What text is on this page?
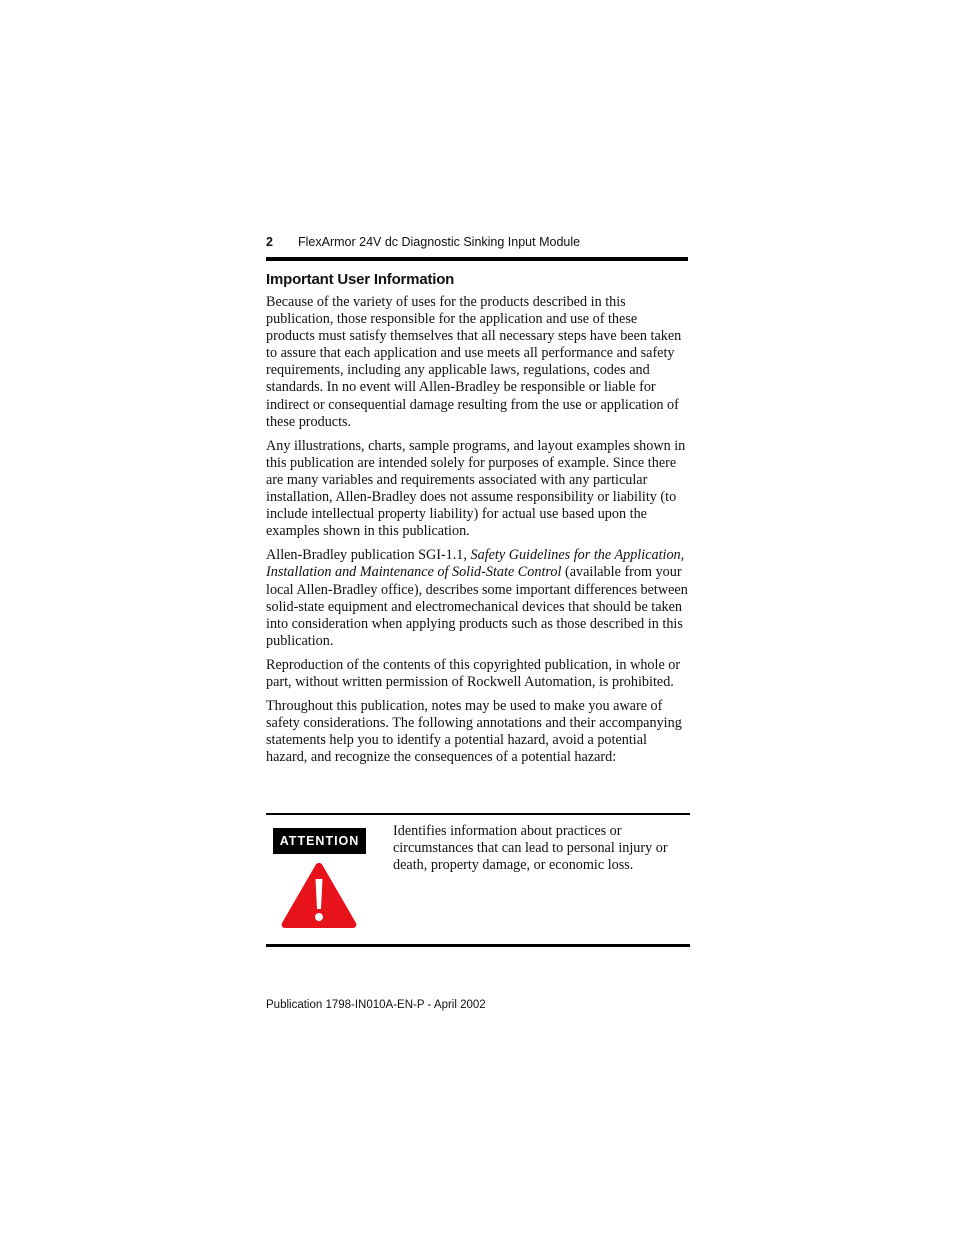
2 FlexArmor 24V dc Diagnostic Sinking Input Module
Important User Information

Because of the variety of uses for the products described in this publication, those responsible for the application and use of these products must satisfy themselves that all necessary steps have been taken to assure that each application and use meets all performance and safety requirements, including any applicable laws, regulations, codes and standards. In no event will Allen-Bradley be responsible or liable for indirect or consequential damage resulting from the use or application of these products.

Any illustrations, charts, sample programs, and layout examples shown in this publication are intended solely for purposes of example. Since there are many variables and requirements associated with any particular installation, Allen-Bradley does not assume responsibility or liability (to include intellectual property liability) for actual use based upon the examples shown in this publication.

Allen-Bradley publication SGI-1.1, Safety Guidelines for the Application, Installation and Maintenance of Solid-State Control (available from your local Allen-Bradley office), describes some important differences between solid-state equipment and electromechanical devices that should be taken into consideration when applying products such as those described in this publication.

Reproduction of the contents of this copyrighted publication, in whole or part, without written permission of Rockwell Automation, is prohibited.

Throughout this publication, notes may be used to make you aware of safety considerations. The following annotations and their accompanying statements help you to identify a potential hazard, avoid a potential hazard, and recognize the consequences of a potential hazard:

ATTENTION
Identifies information about practices or circumstances that can lead to personal injury or death, property damage, or economic loss.
Publication 1798-IN010A-EN-P - April 2002
